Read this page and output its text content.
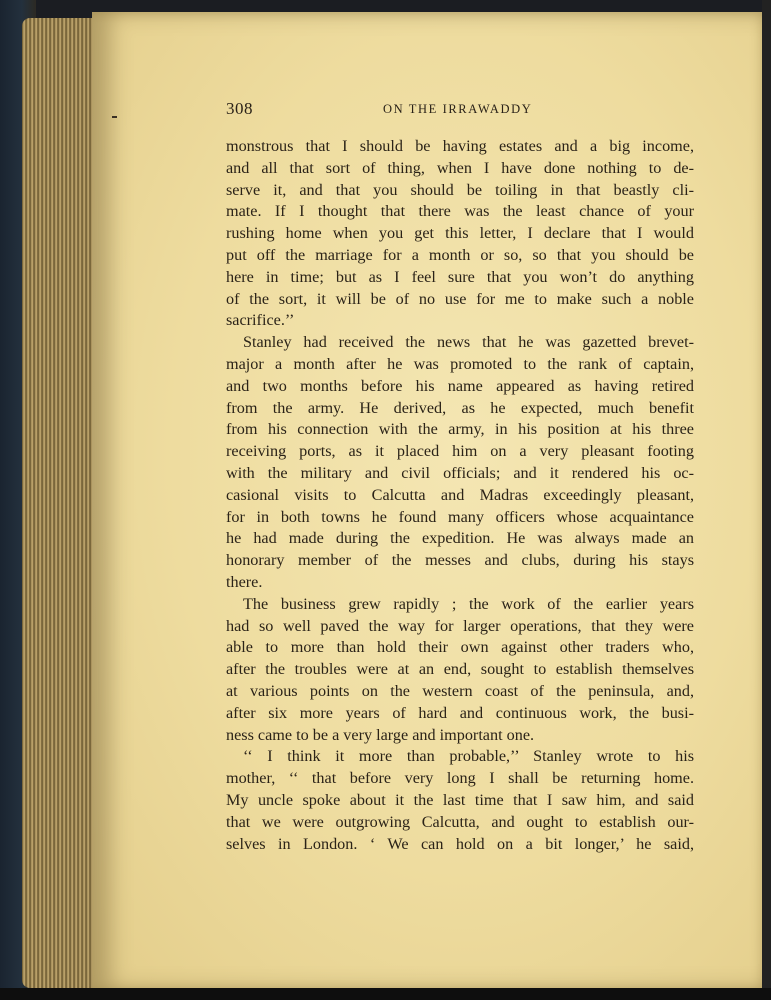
308	ON THE IRRAWADDY
monstrous that I should be having estates and a big income,
and all that sort of thing, when I have done nothing to de-
serve it, and that you should be toiling in that beastly cli-
mate. If I thought that there was the least chance of your
rushing home when you get this letter, I declare that I would
put off the marriage for a month or so, so that you should be
here in time; but as I feel sure that you won’t do anything
of the sort, it will be of no use for me to make such a noble
sacrifice.’’
Stanley had received the news that he was gazetted brevet-
major a month after he was promoted to the rank of captain,
and two months before his name appeared as having retired
from the army. He derived, as he expected, much benefit
from his connection with the army, in his position at his three
receiving ports, as it placed him on a very pleasant footing
with the military and civil officials; and it rendered his oc-
casional visits to Calcutta and Madras exceedingly pleasant,
for in both towns he found many officers whose acquaintance
he had made during the expedition. He was always made an
honorary member of the messes and clubs, during his stays
there.
The business grew rapidly ; the work of the earlier years
had so well paved the way for larger operations, that they were
able to more than hold their own against other traders who,
after the troubles were at an end, sought to establish themselves
at various points on the western coast of the peninsula, and,
after six more years of hard and continuous work, the busi-
ness came to be a very large and important one.
‘‘ I think it more than probable,’’ Stanley wrote to his
mother, ‘‘ that before very long I shall be returning home.
My uncle spoke about it the last time that I saw him, and said
that we were outgrowing Calcutta, and ought to establish our-
selves in London. ‘ We can hold on a bit longer,’ he said,
